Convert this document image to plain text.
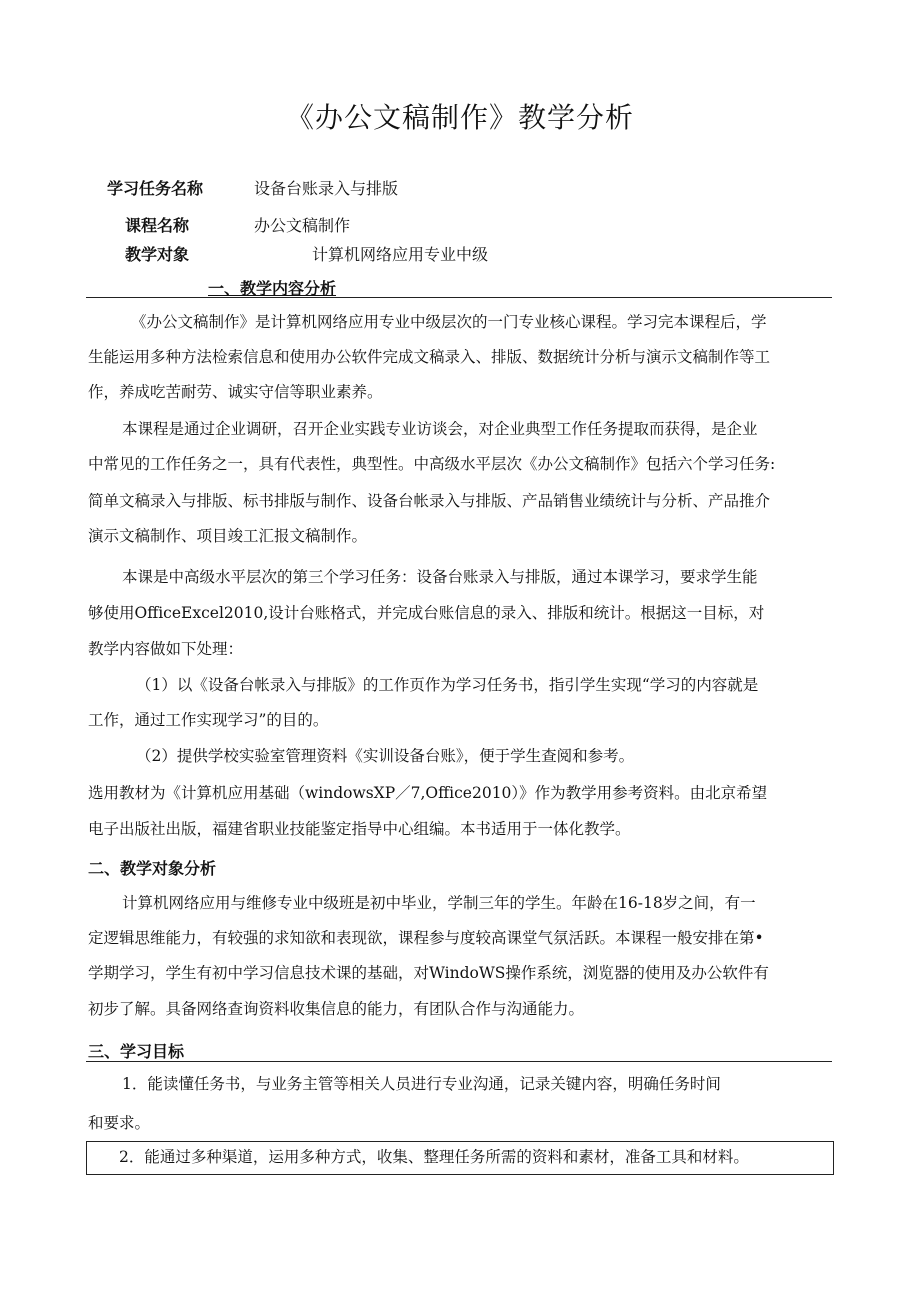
《办公文稿制作》教学分析
学习任务名称	设备台账录入与排版
课程名称	办公文稿制作
教学对象	计算机网络应用专业中级
一、教学内容分析
《办公文稿制作》是计算机网络应用专业中级层次的一门专业核心课程。学习完本课程后，学
生能运用多种方法检索信息和使用办公软件完成文稿录入、排版、数据统计分析与演示文稿制作等工
作，养成吃苦耐劳、诚实守信等职业素养。
本课程是通过企业调研，召开企业实践专业访谈会，对企业典型工作任务提取而获得，是企业
中常见的工作任务之一，具有代表性，典型性。中高级水平层次《办公文稿制作》包括六个学习任务:
简单文稿录入与排版、标书排版与制作、设备台帐录入与排版、产品销售业绩统计与分析、产品推介
演示文稿制作、项目竣工汇报文稿制作。
本课是中高级水平层次的第三个学习任务：设备台账录入与排版，通过本课学习，要求学生能
够使用OfficeExcel2010,设计台账格式，并完成台账信息的录入、排版和统计。根据这一目标，对
教学内容做如下处理：
（1）以《设备台帐录入与排版》的工作页作为学习任务书，指引学生实现“学习的内容就是
工作，通过工作实现学习”的目的。
（2）提供学校实验室管理资料《实训设备台账》，便于学生查阅和参考。
选用教材为《计算机应用基础（windowsXP／7,Office2010）》作为教学用参考资料。由北京希望
电子出版社出版，福建省职业技能鉴定指导中心组编。本书适用于一体化教学。
二、教学对象分析
计算机网络应用与维修专业中级班是初中毕业，学制三年的学生。年龄在16-18岁之间，有一
定逻辑思维能力，有较强的求知欲和表现欲，课程参与度较高课堂气氛活跃。本课程一般安排在第•
学期学习，学生有初中学习信息技术课的基础，对WindoWS操作系统，浏览器的使用及办公软件有
初步了解。具备网络查询资料收集信息的能力，有团队合作与沟通能力。
三、学习目标
1．能读懂任务书，与业务主管等相关人员进行专业沟通，记录关键内容，明确任务时间
和要求。
2．能通过多种渠道，运用多种方式，收集、整理任务所需的资料和素材，准备工具和材料。
